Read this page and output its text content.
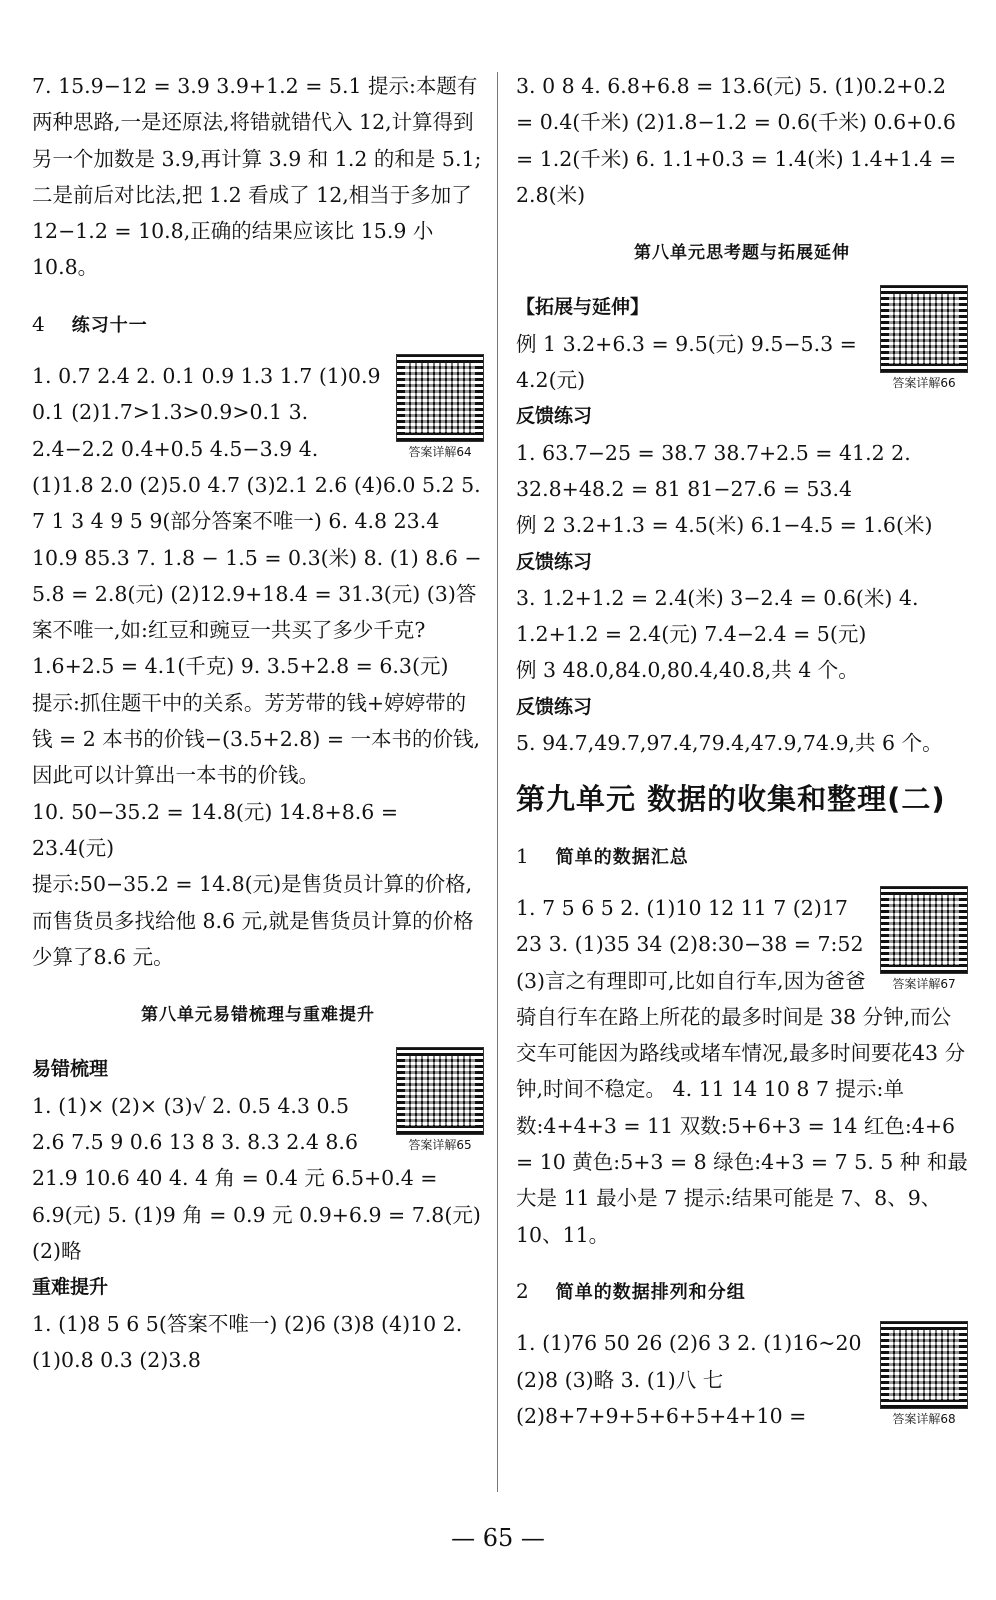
7. 15.9−12 = 3.9 3.9+1.2 = 5.1 提示:本题有两种思路,一是还原法,将错就错代入 12,计算得到另一个加数是 3.9,再计算 3.9 和 1.2 的和是 5.1;二是前后对比法,把 1.2 看成了 12,相当于多加了 12−1.2 = 10.8,正确的结果应该比 15.9 小 10.8。

4 练习十一
答案详解64

1. 0.7 2.4 2. 0.1 0.9 1.3 1.7 (1)0.9 0.1 (2)1.7>1.3>0.9>0.1 3. 2.4−2.2 0.4+0.5 4.5−3.9 4. (1)1.8 2.0 (2)5.0 4.7 (3)2.1 2.6 (4)6.0 5.2 5. 7 1 3 4 9 5 9(部分答案不唯一) 6. 4.8 23.4 10.9 85.3 7. 1.8 − 1.5 = 0.3(米) 8. (1) 8.6 − 5.8 = 2.8(元) (2)12.9+18.4 = 31.3(元) (3)答案不唯一,如:红豆和豌豆一共买了多少千克? 1.6+2.5 = 4.1(千克) 9. 3.5+2.8 = 6.3(元)

提示:抓住题干中的关系。芳芳带的钱+婷婷带的钱 = 2 本书的价钱−(3.5+2.8) = 一本书的价钱,因此可以计算出一本书的价钱。

10. 50−35.2 = 14.8(元) 14.8+8.6 = 23.4(元)

提示:50−35.2 = 14.8(元)是售货员计算的价格,而售货员多找给他 8.6 元,就是售货员计算的价格少算了8.6 元。

第八单元易错梳理与重难提升
答案详解65

易错梳理

1. (1)× (2)× (3)√ 2. 0.5 4.3 0.5 2.6 7.5 9 0.6 13 8 3. 8.3 2.4 8.6 21.9 10.6 40 4. 4 角 = 0.4 元 6.5+0.4 = 6.9(元) 5. (1)9 角 = 0.9 元 0.9+6.9 = 7.8(元) (2)略

重难提升

1. (1)8 5 6 5(答案不唯一) (2)6 (3)8 (4)10 2. (1)0.8 0.3 (2)3.8

3. 0 8 4. 6.8+6.8 = 13.6(元) 5. (1)0.2+0.2 = 0.4(千米) (2)1.8−1.2 = 0.6(千米) 0.6+0.6 = 1.2(千米) 6. 1.1+0.3 = 1.4(米) 1.4+1.4 = 2.8(米)

第八单元思考题与拓展延伸
答案详解66

【拓展与延伸】

例 1 3.2+6.3 = 9.5(元) 9.5−5.3 = 4.2(元)

反馈练习

1. 63.7−25 = 38.7 38.7+2.5 = 41.2 2. 32.8+48.2 = 81 81−27.6 = 53.4

例 2 3.2+1.3 = 4.5(米) 6.1−4.5 = 1.6(米)

反馈练习

3. 1.2+1.2 = 2.4(米) 3−2.4 = 0.6(米) 4. 1.2+1.2 = 2.4(元) 7.4−2.4 = 5(元)

例 3 48.0,84.0,80.4,40.8,共 4 个。

反馈练习

5. 94.7,49.7,97.4,79.4,47.9,74.9,共 6 个。

第九单元 数据的收集和整理(二)
1 简单的数据汇总
答案详解67

1. 7 5 6 5 2. (1)10 12 11 7 (2)17 23 3. (1)35 34 (2)8:30−38 = 7:52 (3)言之有理即可,比如自行车,因为爸爸骑自行车在路上所花的最多时间是 38 分钟,而公交车可能因为路线或堵车情况,最多时间要花43 分钟,时间不稳定。 4. 11 14 10 8 7 提示:单数:4+4+3 = 11 双数:5+6+3 = 14 红色:4+6 = 10 黄色:5+3 = 8 绿色:4+3 = 7 5. 5 种 和最大是 11 最小是 7 提示:结果可能是 7、8、9、10、11。

2 简单的数据排列和分组
答案详解68

1. (1)76 50 26 (2)6 3 2. (1)16~20 (2)8 (3)略 3. (1)八 七 (2)8+7+9+5+6+5+4+10 =

— 65 —
